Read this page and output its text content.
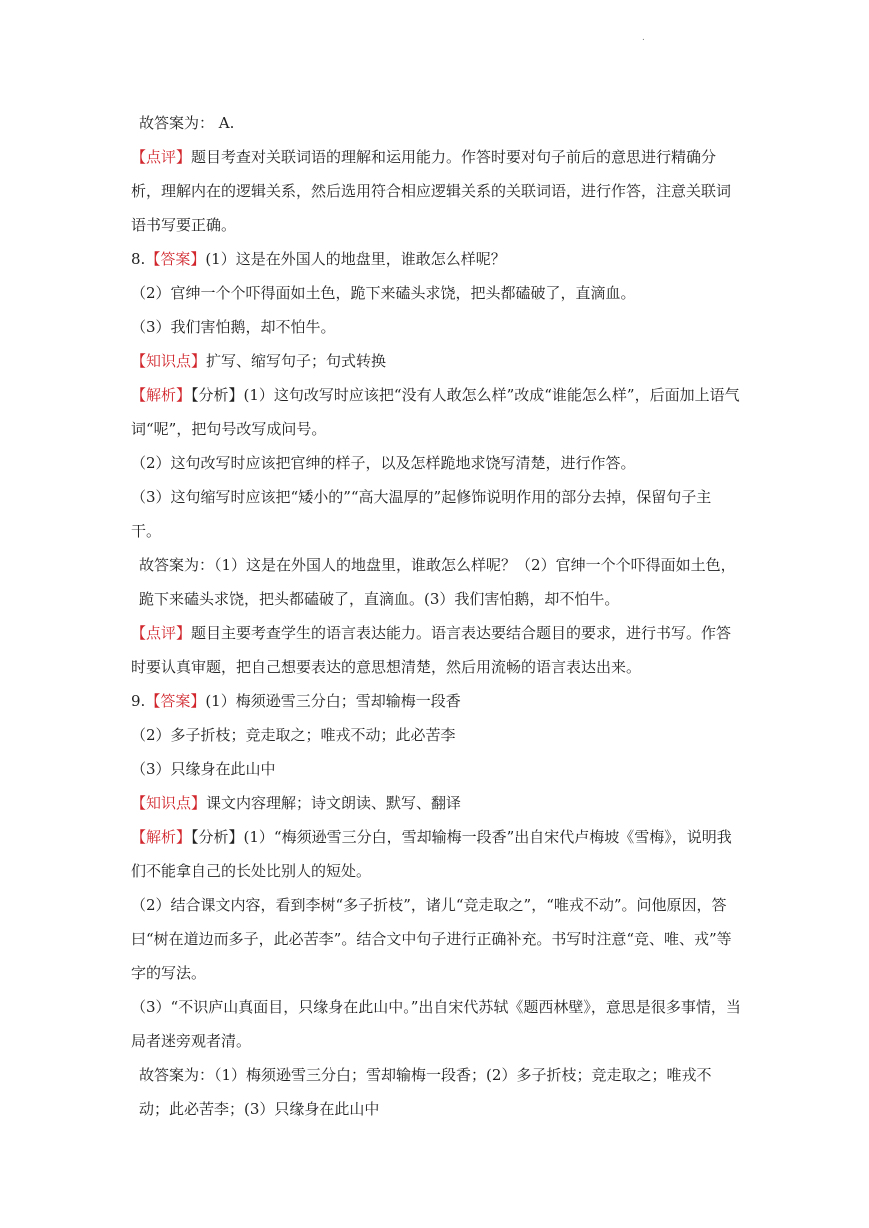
.

故答案为： A.

【点评】题目考查对关联词语的理解和运用能力。作答时要对句子前后的意思进行精确分析，理解内在的逻辑关系，然后选用符合相应逻辑关系的关联词语，进行作答，注意关联词语书写要正确。

8.【答案】(1）这是在外国人的地盘里，谁敢怎么样呢？

（2）官绅一个个吓得面如土色，跪下来磕头求饶，把头都磕破了，直滴血。

（3）我们害怕鹅，却不怕牛。

【知识点】扩写、缩写句子；句式转换

【解析】【分析】(1）这句改写时应该把“没有人敢怎么样”改成“谁能怎么样”，后面加上语气词“呢”，把句号改写成问号。

（2）这句改写时应该把官绅的样子，以及怎样跪地求饶写清楚，进行作答。

（3）这句缩写时应该把“矮小的”“高大温厚的”起修饰说明作用的部分去掉，保留句子主干。

故答案为：（1）这是在外国人的地盘里，谁敢怎么样呢？（2）官绅一个个吓得面如土色，跪下来磕头求饶，把头都磕破了，直滴血。(3）我们害怕鹅，却不怕牛。

【点评】题目主要考查学生的语言表达能力。语言表达要结合题目的要求，进行书写。作答时要认真审题，把自己想要表达的意思想清楚，然后用流畅的语言表达出来。

9.【答案】(1）梅须逊雪三分白；雪却输梅一段香

（2）多子折枝；竞走取之；唯戎不动；此必苦李

（3）只缘身在此山中

【知识点】课文内容理解；诗文朗读、默写、翻译

【解析】【分析】(1）“梅须逊雪三分白，雪却输梅一段香”出自宋代卢梅坡《雪梅》，说明我们不能拿自己的长处比别人的短处。

（2）结合课文内容，看到李树“多子折枝”，诸儿“竞走取之”，“唯戎不动”。问他原因，答曰“树在道边而多子，此必苦李”。结合文中句子进行正确补充。书写时注意“竞、唯、戎”等字的写法。

（3）“不识庐山真面目，只缘身在此山中。”出自宋代苏轼《题西林壁》，意思是很多事情，当局者迷旁观者清。

故答案为：（1）梅须逊雪三分白；雪却输梅一段香；(2）多子折枝；竞走取之；唯戎不动；此必苦李；(3）只缘身在此山中
